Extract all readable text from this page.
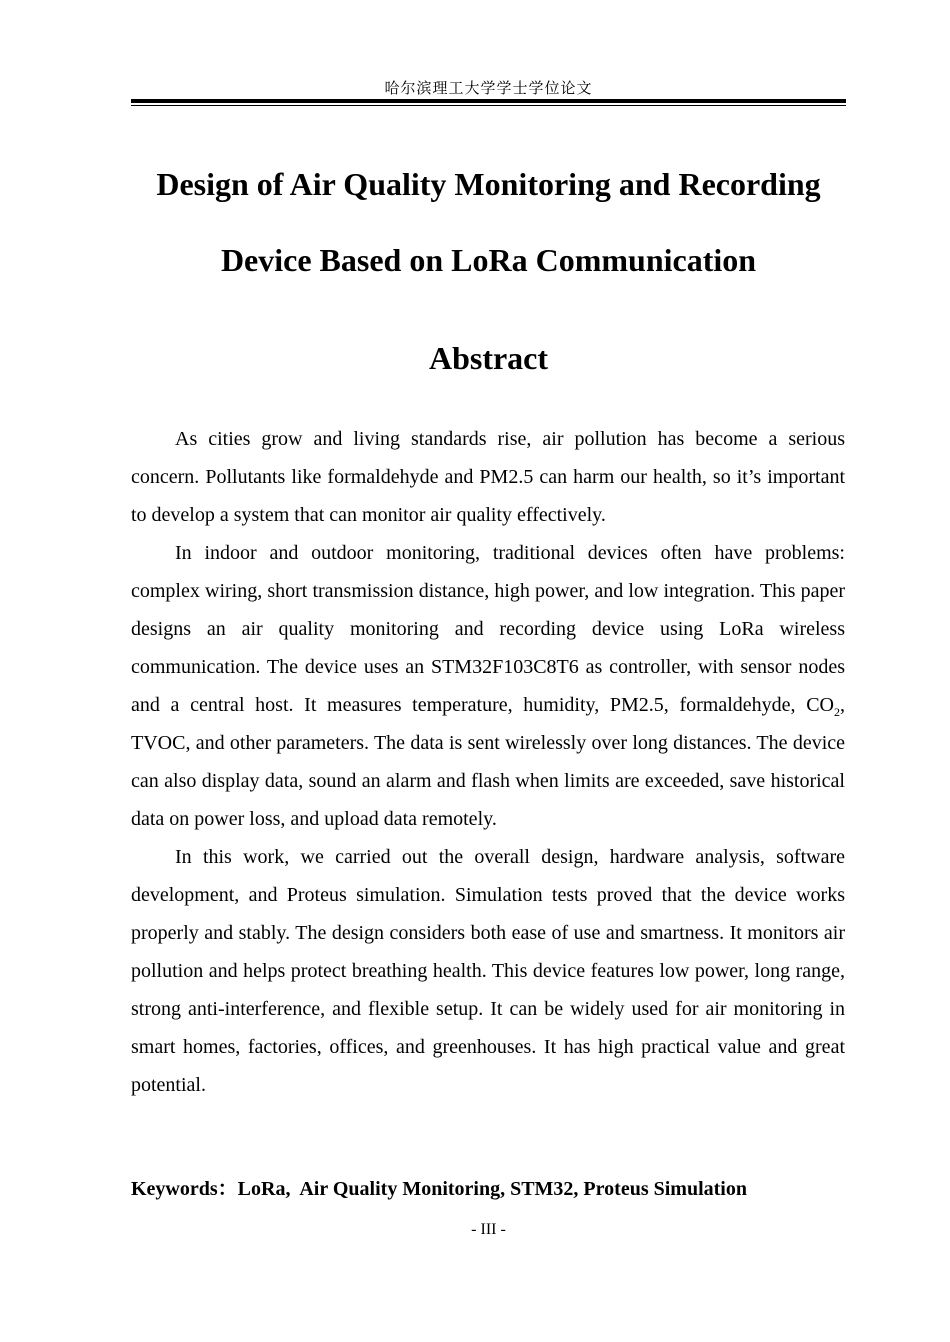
哈尔滨理工大学学士学位论文
Design of Air Quality Monitoring and Recording
Device Based on LoRa Communication
Abstract

As cities grow and living standards rise, air pollution has become a serious concern. Pollutants like formaldehyde and PM2.5 can harm our health, so it’s important to develop a system that can monitor air quality effectively.

In indoor and outdoor monitoring, traditional devices often have problems: complex wiring, short transmission distance, high power, and low integration. This paper designs an air quality monitoring and recording device using LoRa wireless communication. The device uses an STM32F103C8T6 as controller, with sensor nodes and a central host. It measures temperature, humidity, PM2.5, formaldehyde, $CO_2$, TVOC, and other parameters. The data is sent wirelessly over long distances. The device can also display data, sound an alarm and flash when limits are exceeded, save historical data on power loss, and upload data remotely.

In this work, we carried out the overall design, hardware analysis, software development, and Proteus simulation. Simulation tests proved that the device works properly and stably. The design considers both ease of use and smartness. It monitors air pollution and helps protect breathing health. This device features low power, long range, strong anti-interference, and flexible setup. It can be widely used for air monitoring in smart homes, factories, offices, and greenhouses. It has high practical value and great potential.

Keywords：LoRa,  Air Quality Monitoring, STM32, Proteus Simulation
- III -
